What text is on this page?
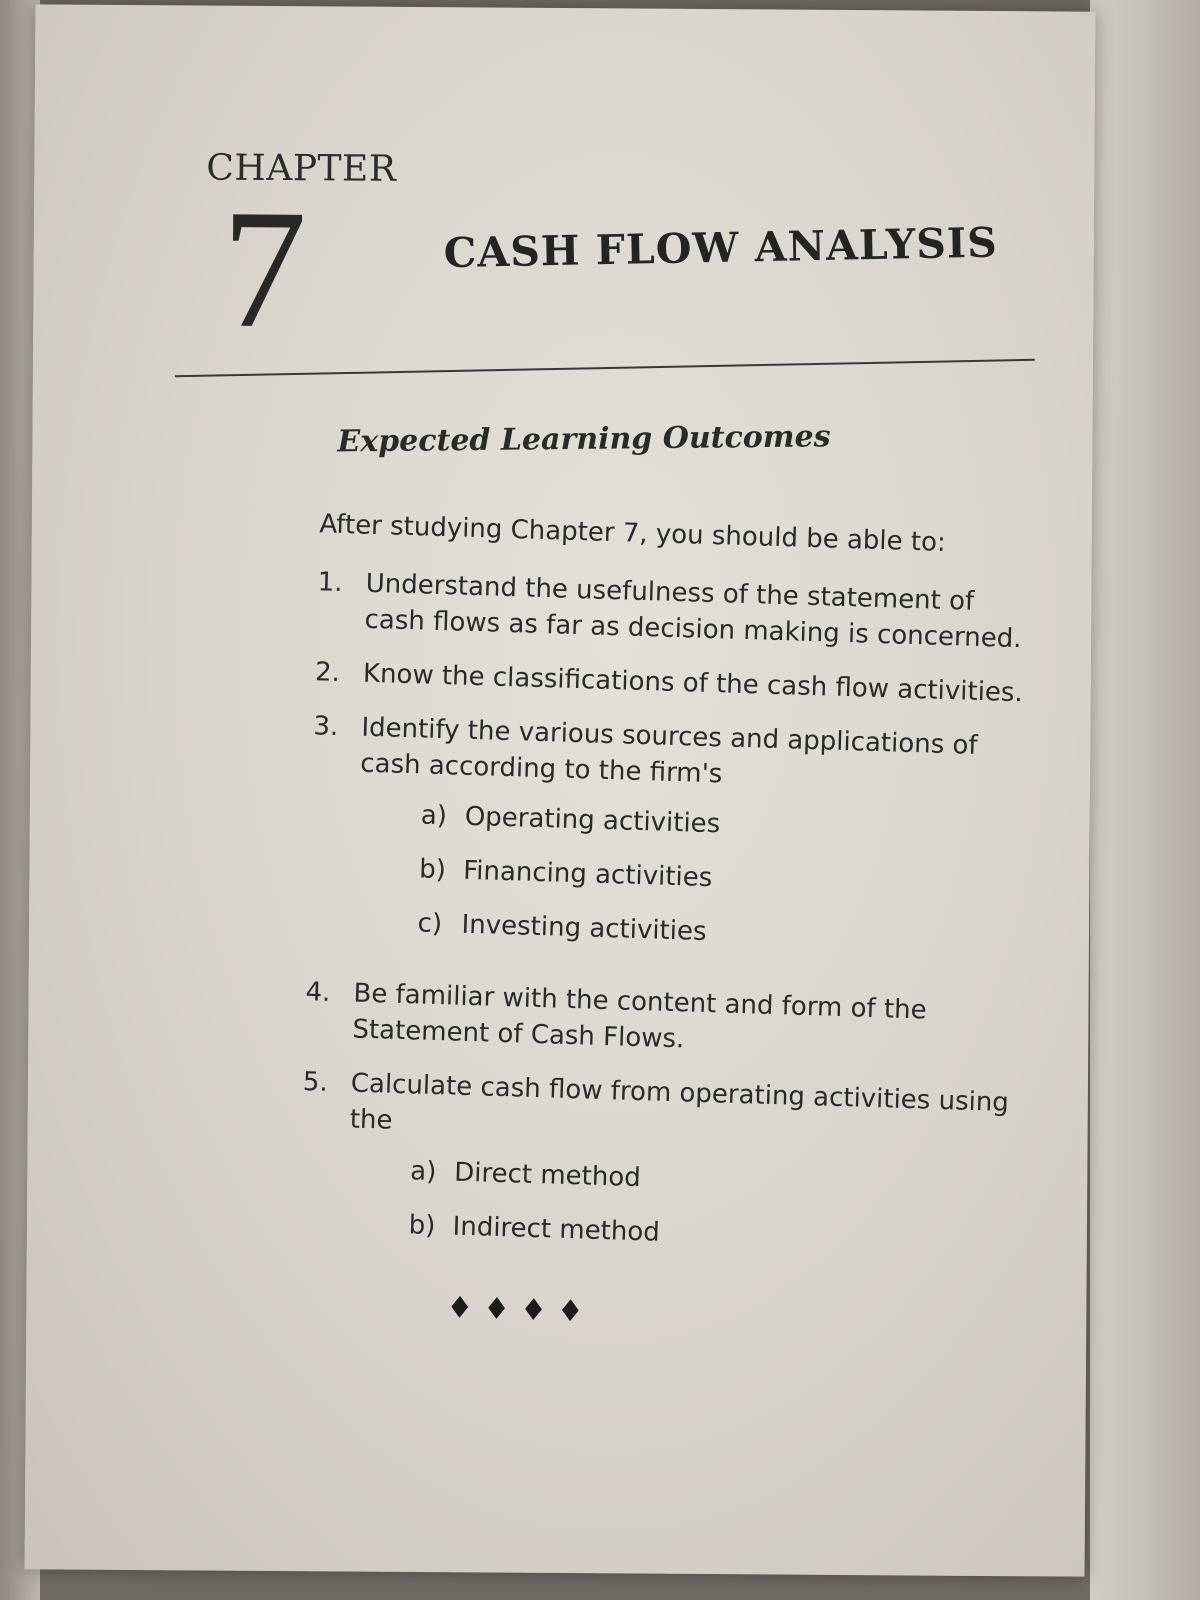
CHAPTER
7	CASH FLOW ANALYSIS
Expected Learning Outcomes

After studying Chapter 7, you should be able to:

1. Understand the usefulness of the statement of cash flows as far as decision making is concerned.
2. Know the classifications of the cash flow activities.
3. Identify the various sources and applications of cash according to the firm's
a) Operating activities
b) Financing activities
c) Investing activities
4. Be familiar with the content and form of the Statement of Cash Flows.
5. Calculate cash flow from operating activities using the
a) Direct method
b) Indirect method
♦♦♦♦
